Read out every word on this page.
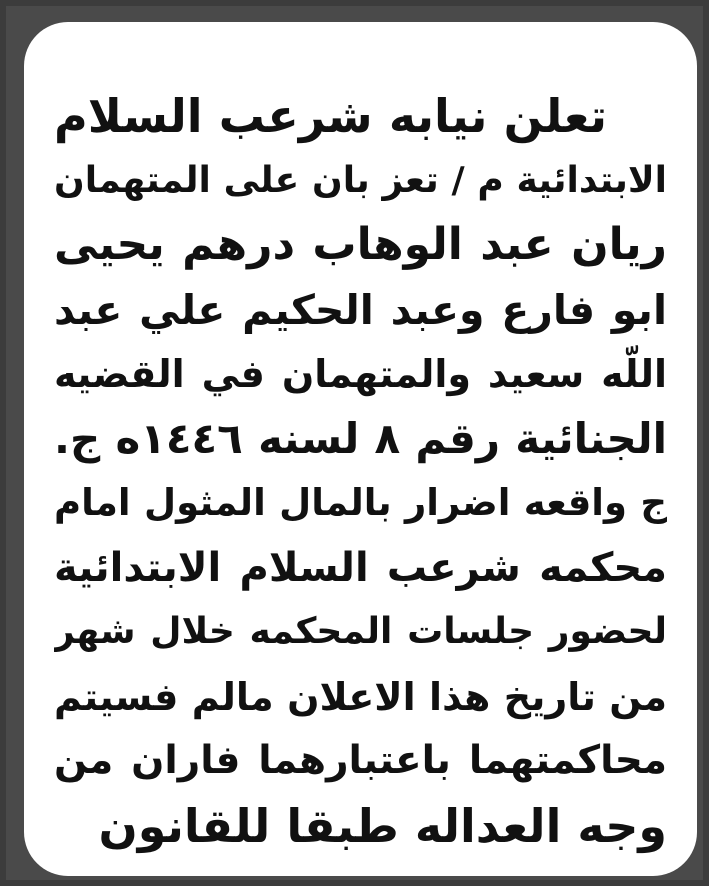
تعلن نيابه شرعب السلام
الابتدائية م / تعز بان على المتهمان
ريان عبد الوهاب درهم يحيى
ابو فارع وعبد الحكيم علي عبد
اللّه سعيد والمتهمان في القضيه
الجنائية رقم ٨ لسنه ١٤٤٦ه ج.
ج واقعه اضرار بالمال المثول امام
محكمه شرعب السلام الابتدائية
لحضور جلسات المحكمه خلال شهر
من تاريخ هذا الاعلان مالم فسيتم
محاكمتهما باعتبارهما فاران من
وجه العداله طبقا للقانون
